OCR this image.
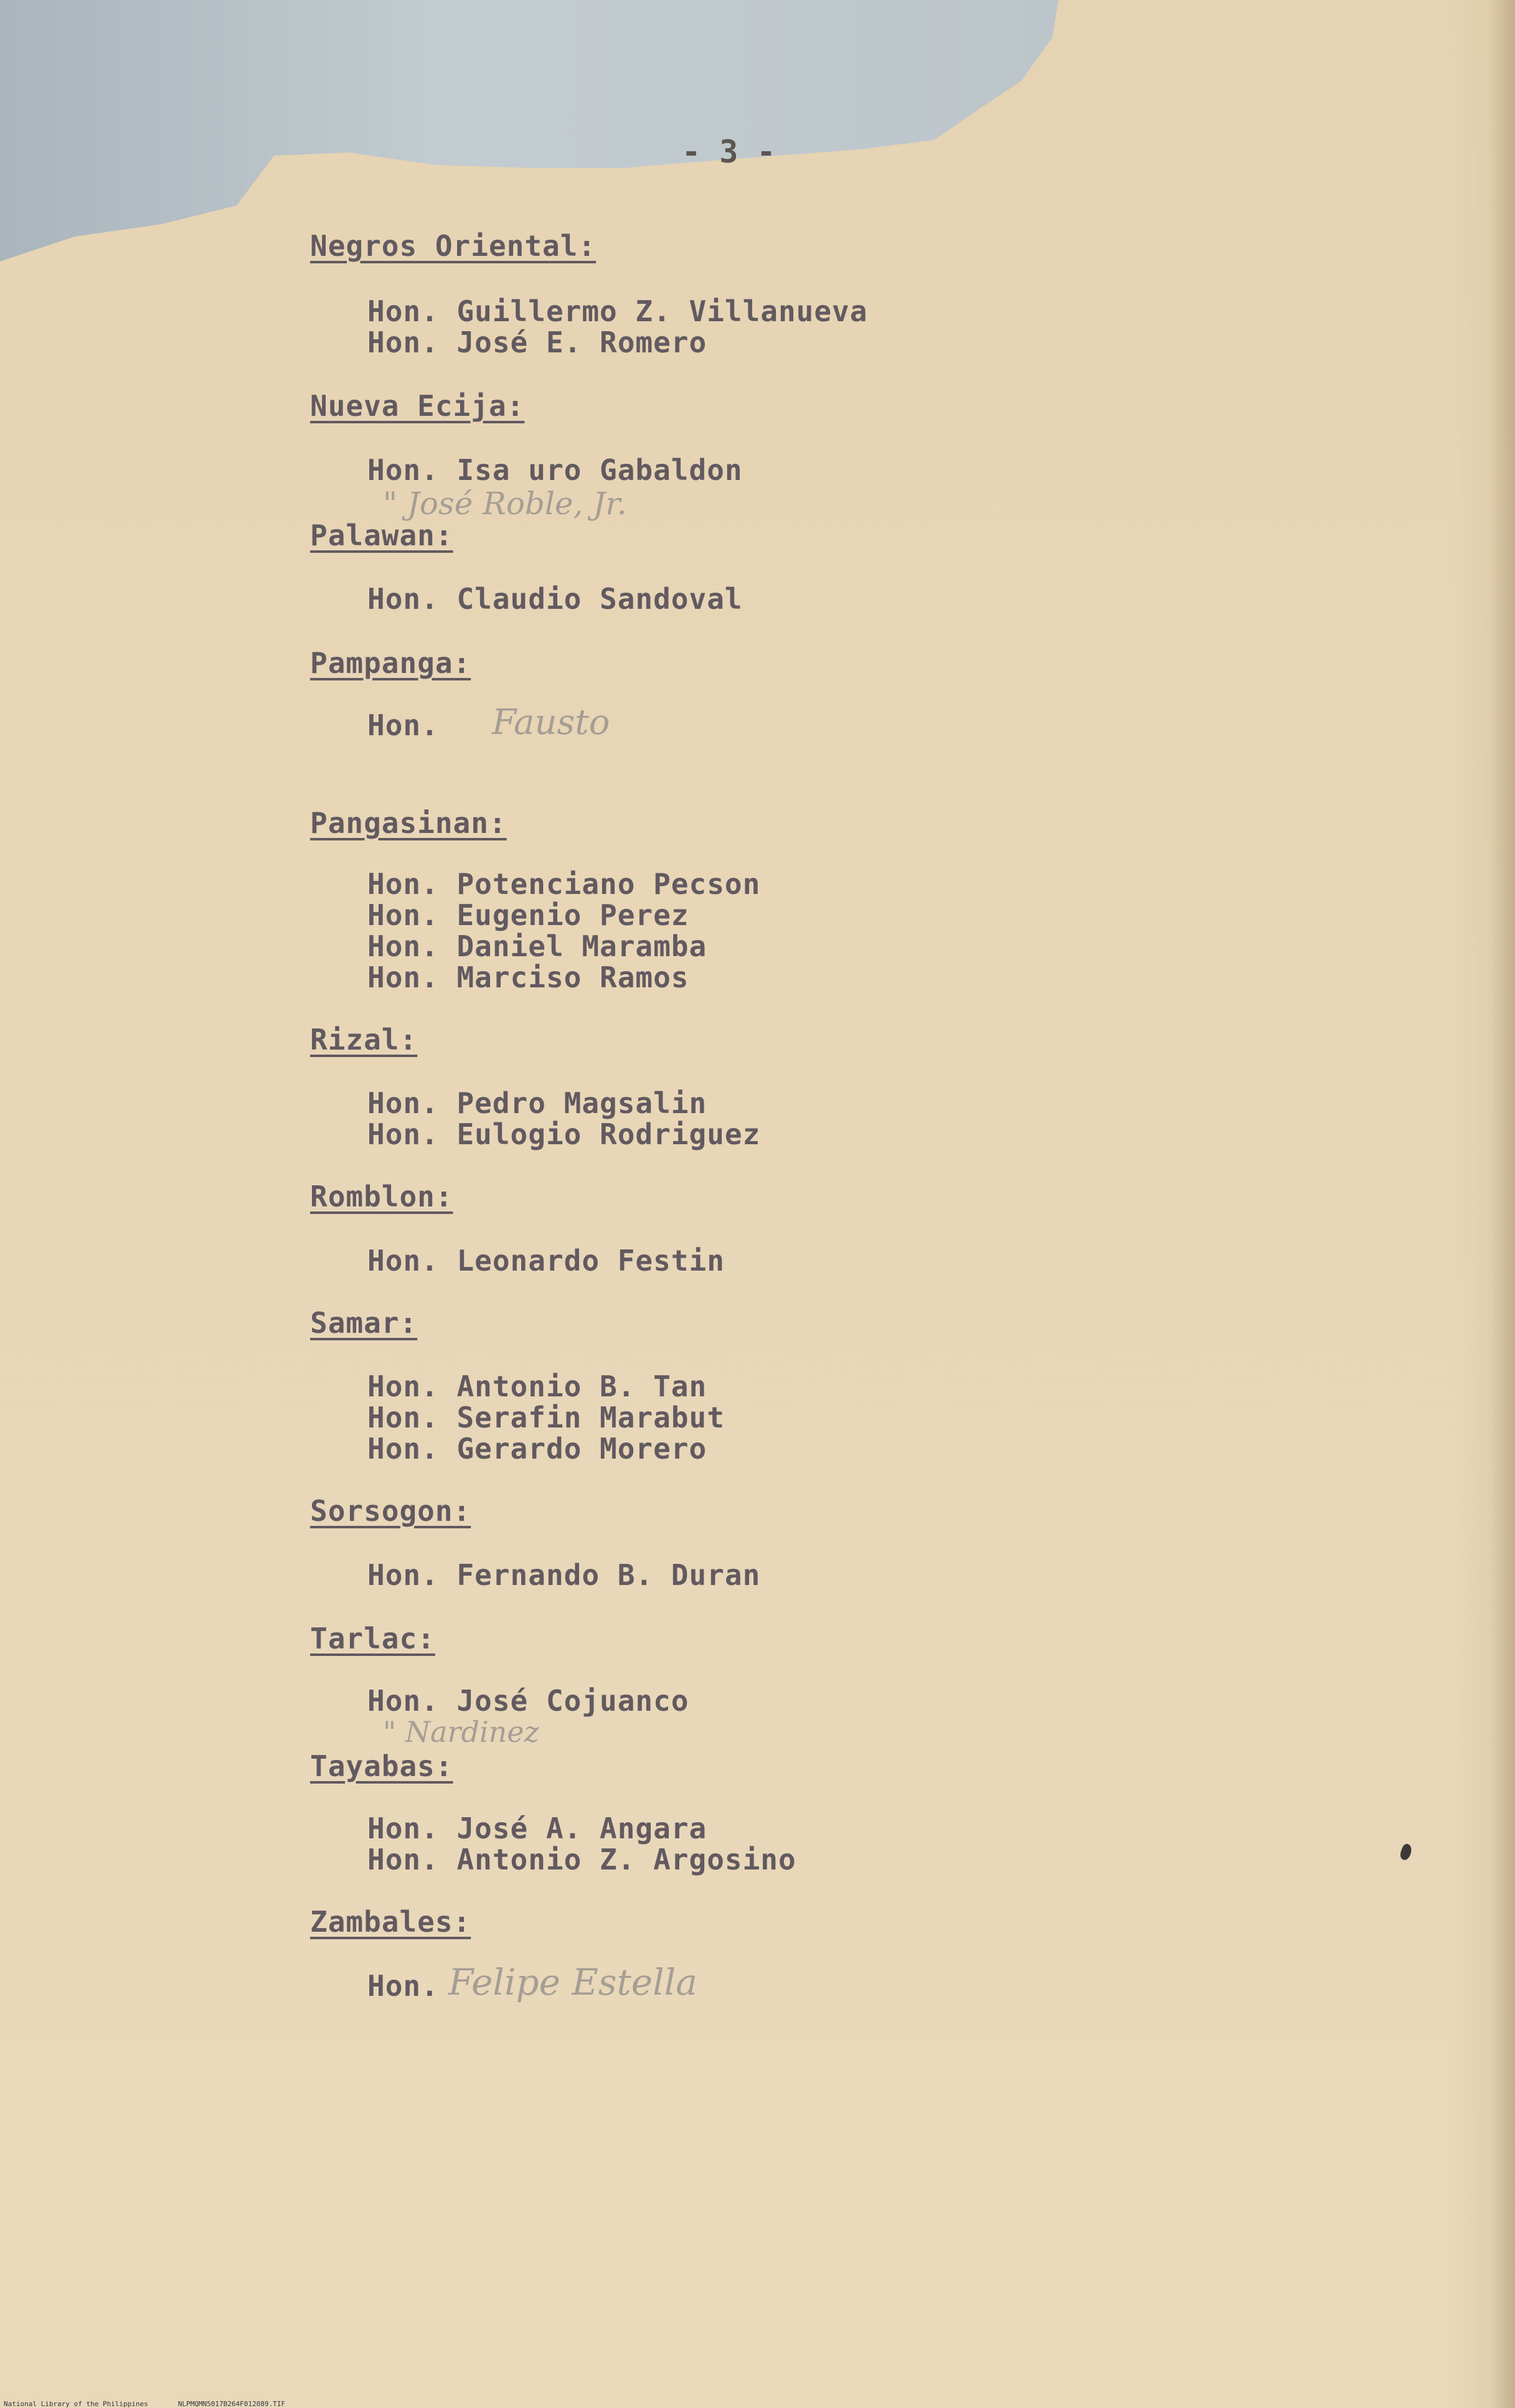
- 3 -
Negros Oriental:
Hon. Guillermo Z. Villanueva
Hon. José E. Romero
Nueva Ecija:
Hon. Isa uro Gabaldon
" José Roble, Jr.
Palawan:
Hon. Claudio Sandoval
Pampanga:
Hon. Fausto
Pangasinan:
Hon. Potenciano Pecson
Hon. Eugenio Perez
Hon. Daniel Maramba
Hon. Marciso Ramos
Rizal:
Hon. Pedro Magsalin
Hon. Eulogio Rodriguez
Romblon:
Hon. Leonardo Festin
Samar:
Hon. Antonio B. Tan
Hon. Serafin Marabut
Hon. Gerardo Morero
Sorsogon:
Hon. Fernando B. Duran
Tarlac:
Hon. José Cojuanco
" Nardinez
Tayabas:
Hon. José A. Angara
Hon. Antonio Z. Argosino
Zambales:
Hon. Felipe Estella
National Library of the Philippines	NLPMQMN5017B264F012089.TIF
